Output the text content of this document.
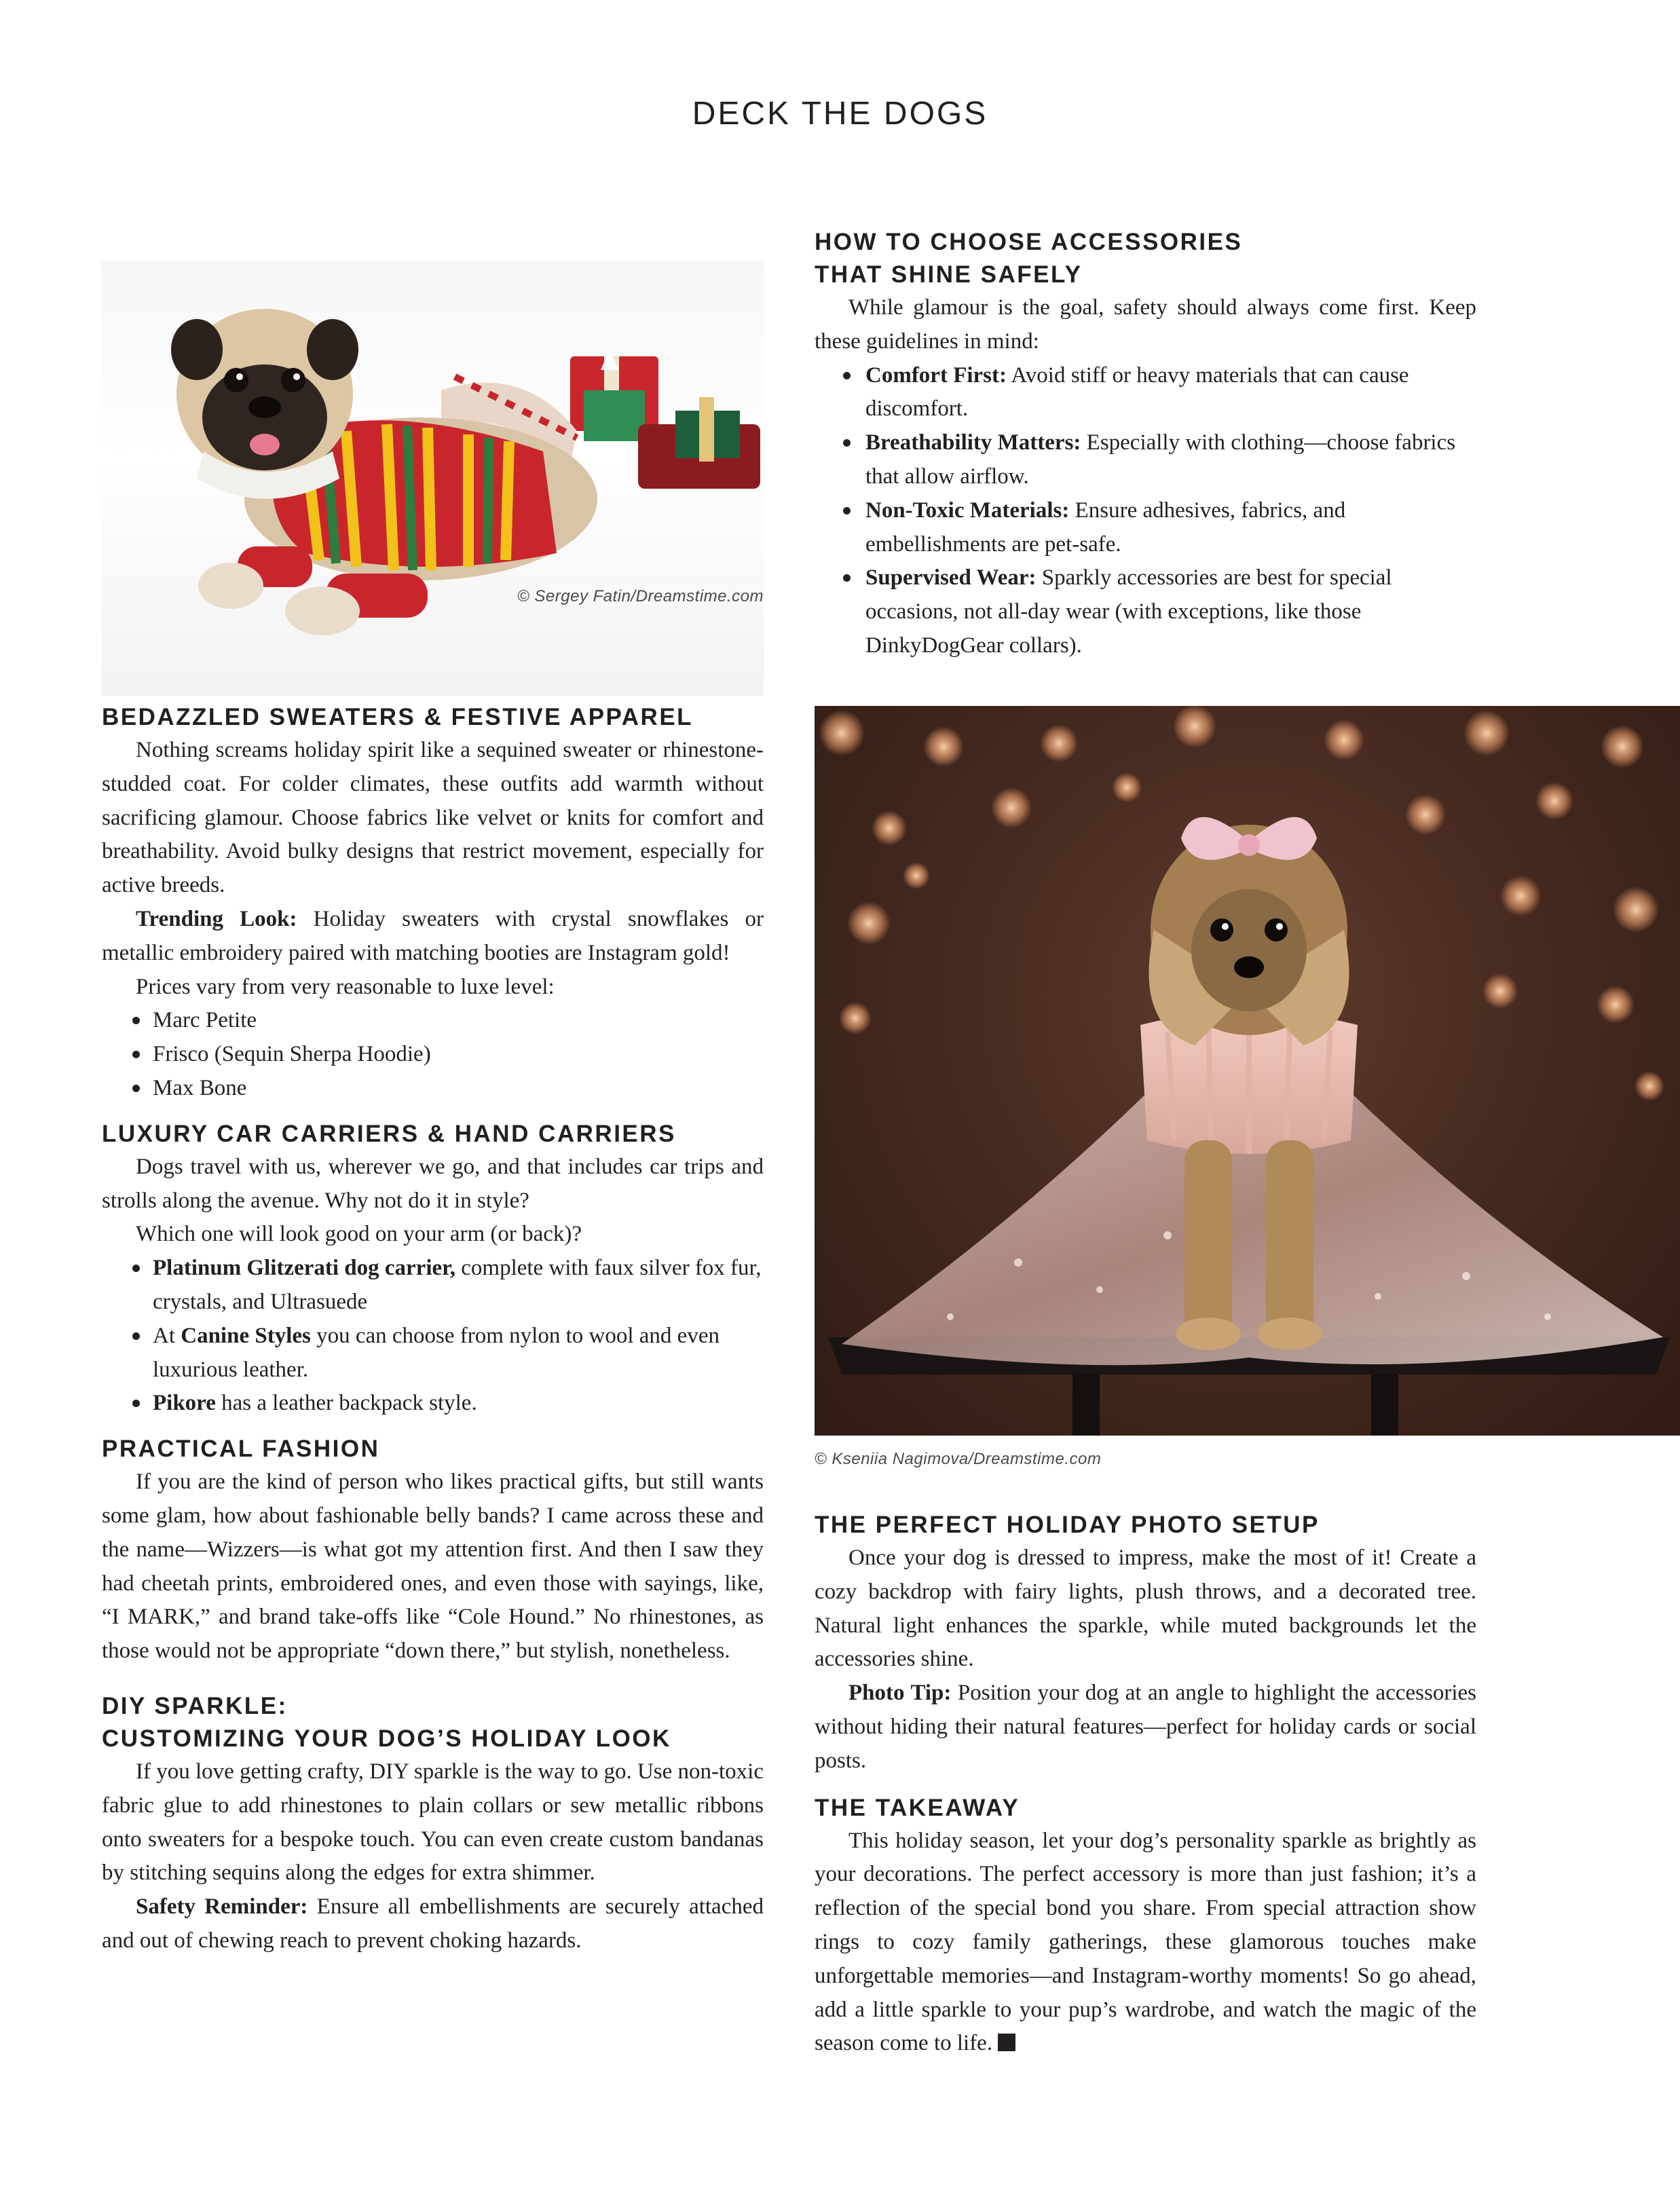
DECK THE DOGS
© Sergey Fatin/Dreamstime.com
BEDAZZLED SWEATERS & FESTIVE APPAREL

Nothing screams holiday spirit like a sequined sweater or rhinestone-studded coat. For colder climates, these outfits add warmth without sacrificing glamour. Choose fabrics like velvet or knits for comfort and breathability. Avoid bulky designs that restrict movement, especially for active breeds.

Trending Look: Holiday sweaters with crystal snowflakes or metallic embroidery paired with matching booties are Instagram gold!

Prices vary from very reasonable to luxe level:

Marc Petite
Frisco (Sequin Sherpa Hoodie)
Max Bone
LUXURY CAR CARRIERS & HAND CARRIERS

Dogs travel with us, wherever we go, and that includes car trips and strolls along the avenue. Why not do it in style?

Which one will look good on your arm (or back)?

Platinum Glitzerati dog carrier, complete with faux silver fox fur, crystals, and Ultrasuede
At Canine Styles you can choose from nylon to wool and even luxurious leather.
Pikore has a leather backpack style.
PRACTICAL FASHION

If you are the kind of person who likes practical gifts, but still wants some glam, how about fashionable belly bands? I came across these and the name—Wizzers—is what got my attention first. And then I saw they had cheetah prints, embroidered ones, and even those with sayings, like, “I MARK,” and brand take-offs like “Cole Hound.” No rhinestones, as those would not be appropriate “down there,” but stylish, nonetheless.

DIY SPARKLE:
CUSTOMIZING YOUR DOG’S HOLIDAY LOOK

If you love getting crafty, DIY sparkle is the way to go. Use non-toxic fabric glue to add rhinestones to plain collars or sew metallic ribbons onto sweaters for a bespoke touch. You can even create custom bandanas by stitching sequins along the edges for extra shimmer.

Safety Reminder: Ensure all embellishments are securely attached and out of chewing reach to prevent choking hazards.

HOW TO CHOOSE ACCESSORIES
THAT SHINE SAFELY

While glamour is the goal, safety should always come first. Keep these guidelines in mind:

Comfort First: Avoid stiff or heavy materials that can cause discomfort.
Breathability Matters: Especially with clothing—choose fabrics that allow airflow.
Non-Toxic Materials: Ensure adhesives, fabrics, and embellishments are pet-safe.
Supervised Wear: Sparkly accessories are best for special occasions, not all-day wear (with exceptions, like those DinkyDogGear collars).
© Kseniia Nagimova/Dreamstime.com
THE PERFECT HOLIDAY PHOTO SETUP

Once your dog is dressed to impress, make the most of it! Create a cozy backdrop with fairy lights, plush throws, and a decorated tree. Natural light enhances the sparkle, while muted backgrounds let the accessories shine.

Photo Tip: Position your dog at an angle to highlight the accessories without hiding their natural features—perfect for holiday cards or social posts.

THE TAKEAWAY

This holiday season, let your dog’s personality sparkle as brightly as your decorations. The perfect accessory is more than just fashion; it’s a reflection of the special bond you share. From special attraction show rings to cozy family gatherings, these glamorous touches make unforgettable memories—and Instagram-worthy moments! So go ahead, add a little sparkle to your pup’s wardrobe, and watch the magic of the season come to life.
